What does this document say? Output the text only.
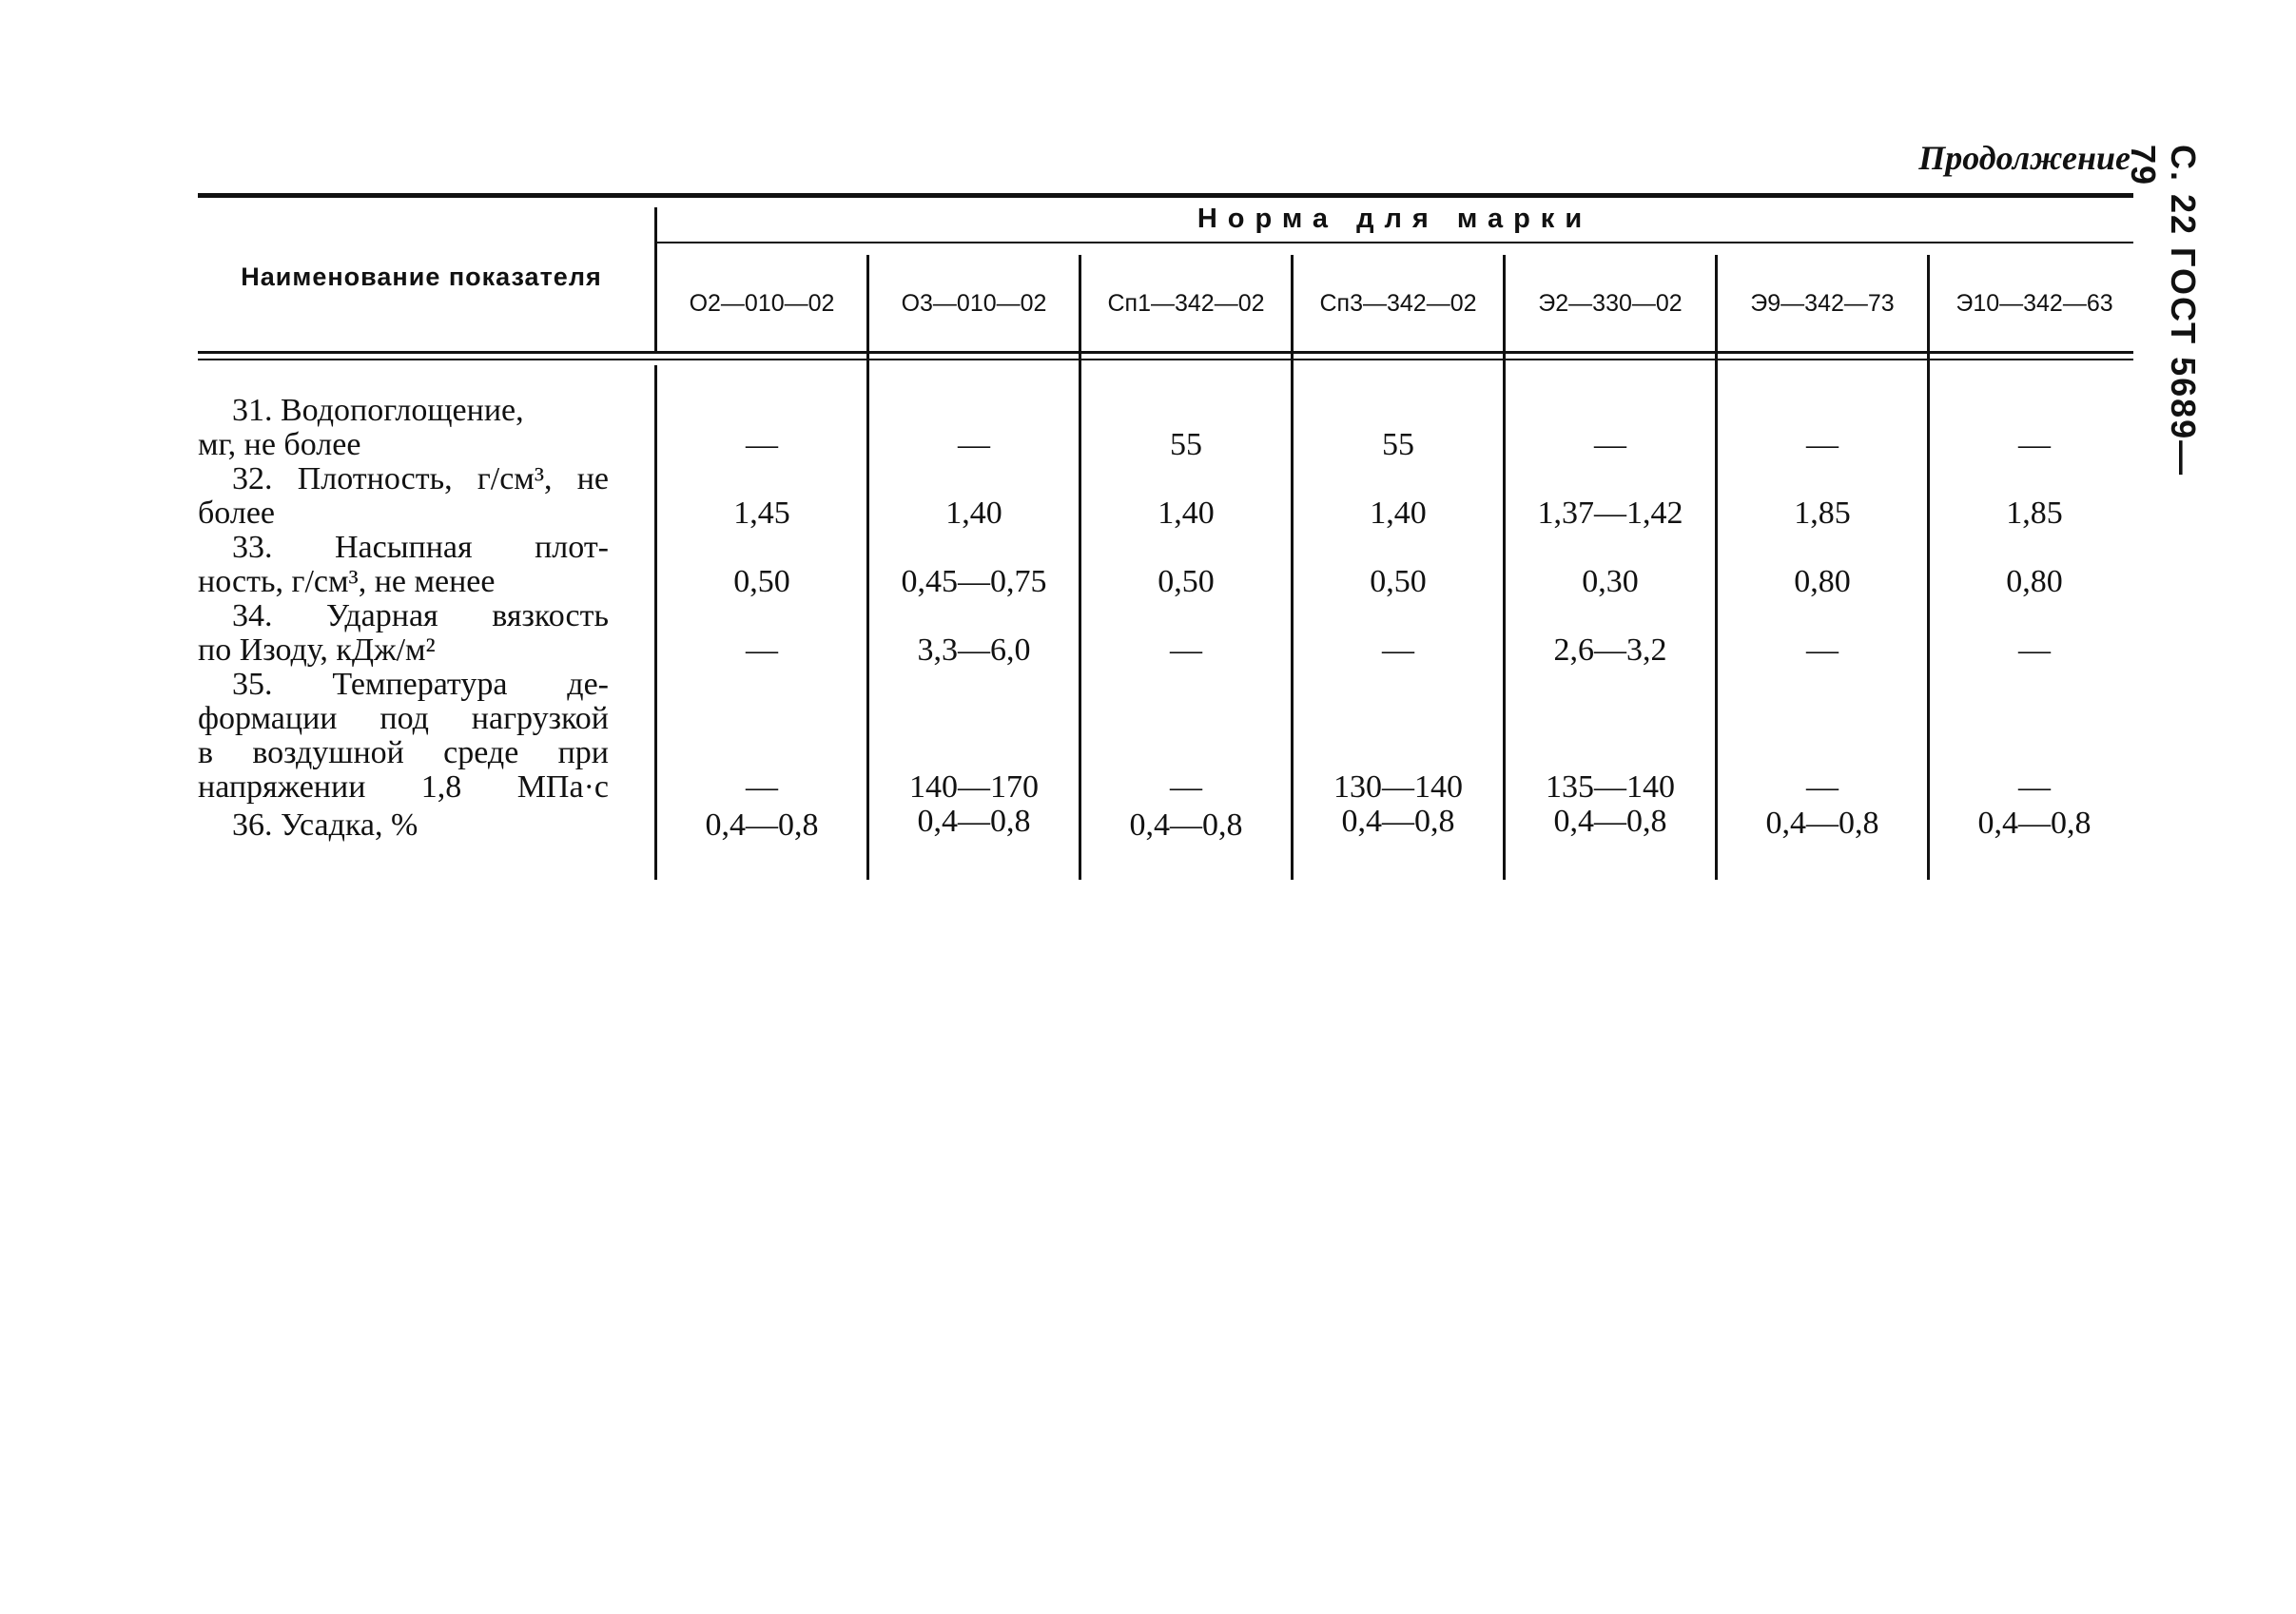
Продолжение С. 22 ГОСТ 5689—79
Норма для марки
Наименование показателя
О2—010—02	О3—010—02	Сп1—342—02	Сп3—342—02	Э2—330—02	Э9—342—73	Э10—342—63
31. Водопоглощение,
мг, не более	—	—	55	55	—	—	—
32. Плотность, г/см³, не
более	1,45	1,40	1,40	1,40	1,37—1,42	1,85	1,85
33. Насыпная плот-
ность, г/см³, не менее	0,50	0,45—0,75	0,50	0,50	0,30	0,80	0,80
34. Ударная вязкость
по Изоду, кДж/м²	—	3,3—6,0	—	—	2,6—3,2	—	—
35. Температура де-
формации под нагрузкой
в воздушной среде при
напряжении 1,8 МПа·с	—	140—170	—	130—140	135—140	—	—
36. Усадка, %	0,4—0,8	0,4—0,8	0,4—0,8	0,4—0,8	0,4—0,8	0,4—0,8	0,4—0,8
